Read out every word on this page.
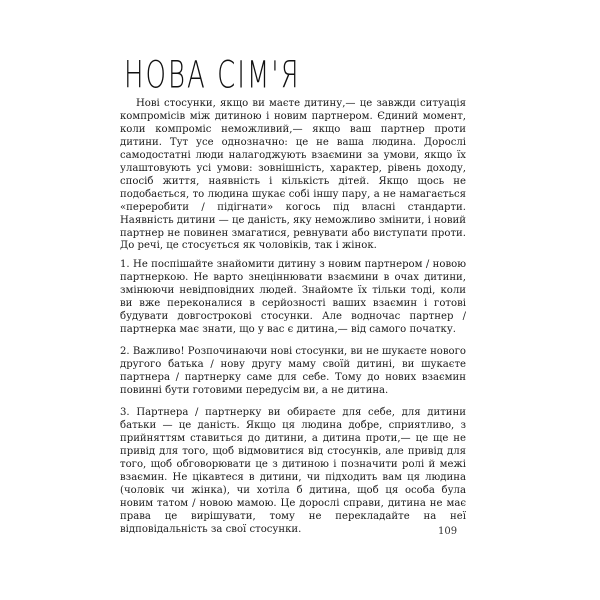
НОВА СІМ'Я

Нові стосунки, якщо ви маєте дитину,— це завжди ситуація компромісів між дитиною і новим партнером. Єдиний момент, коли компроміс неможливий,— якщо ваш партнер проти дитини. Тут усе однозначно: це не ваша людина. Дорослі самодостатні люди налагоджують взаємини за умови, якщо їх улаштовують усі умови: зовнішність, характер, рівень доходу, спосіб життя, наявність і кількість дітей. Якщо щось не подобається, то людина шукає собі іншу пару, а не намагається «переробити / підігнати» когось під власні стандарти. Наявність дитини — це даність, яку неможливо змінити, і новий партнер не повинен змагатися, ревнувати або виступати проти. До речі, це стосується як чоловіків, так і жінок.

1. Не поспішайте знайомити дитину з новим партнером / новою партнеркою. Не варто знеціннювати взаємини в очах дитини, змінюючи невідповідних людей. Знайомте їх тільки тоді, коли ви вже переконалися в серйозності ваших взаємин і готові будувати довгострокові стосунки. Але водночас партнер / партнерка має знати, що у вас є дитина,— від самого початку.
2. Важливо! Розпочинаючи нові стосунки, ви не шукаєте нового другого батька / нову другу маму своїй дитині, ви шукаєте партнера / партнерку саме для себе. Тому до нових взаємин повинні бути готовими передусім ви, а не дитина.
3. Партнера / партнерку ви обираєте для себе, для дитини батьки — це даність. Якщо ця людина добре, сприятливо, з прийняттям ставиться до дитини, а дитина проти,— це ще не привід для того, щоб відмовитися від стосунків, але привід для того, щоб обговорювати це з дитиною і позначити ролі й межі взаємин. Не цікавтеся в дитини, чи підходить вам ця людина (чоловік чи жінка), чи хотіла б дитина, щоб ця особа була новим татом / новою мамою. Це дорослі справи, дитина не має права це вирішувати, тому не перекладайте на неї відповідальність за свої стосунки.	109
